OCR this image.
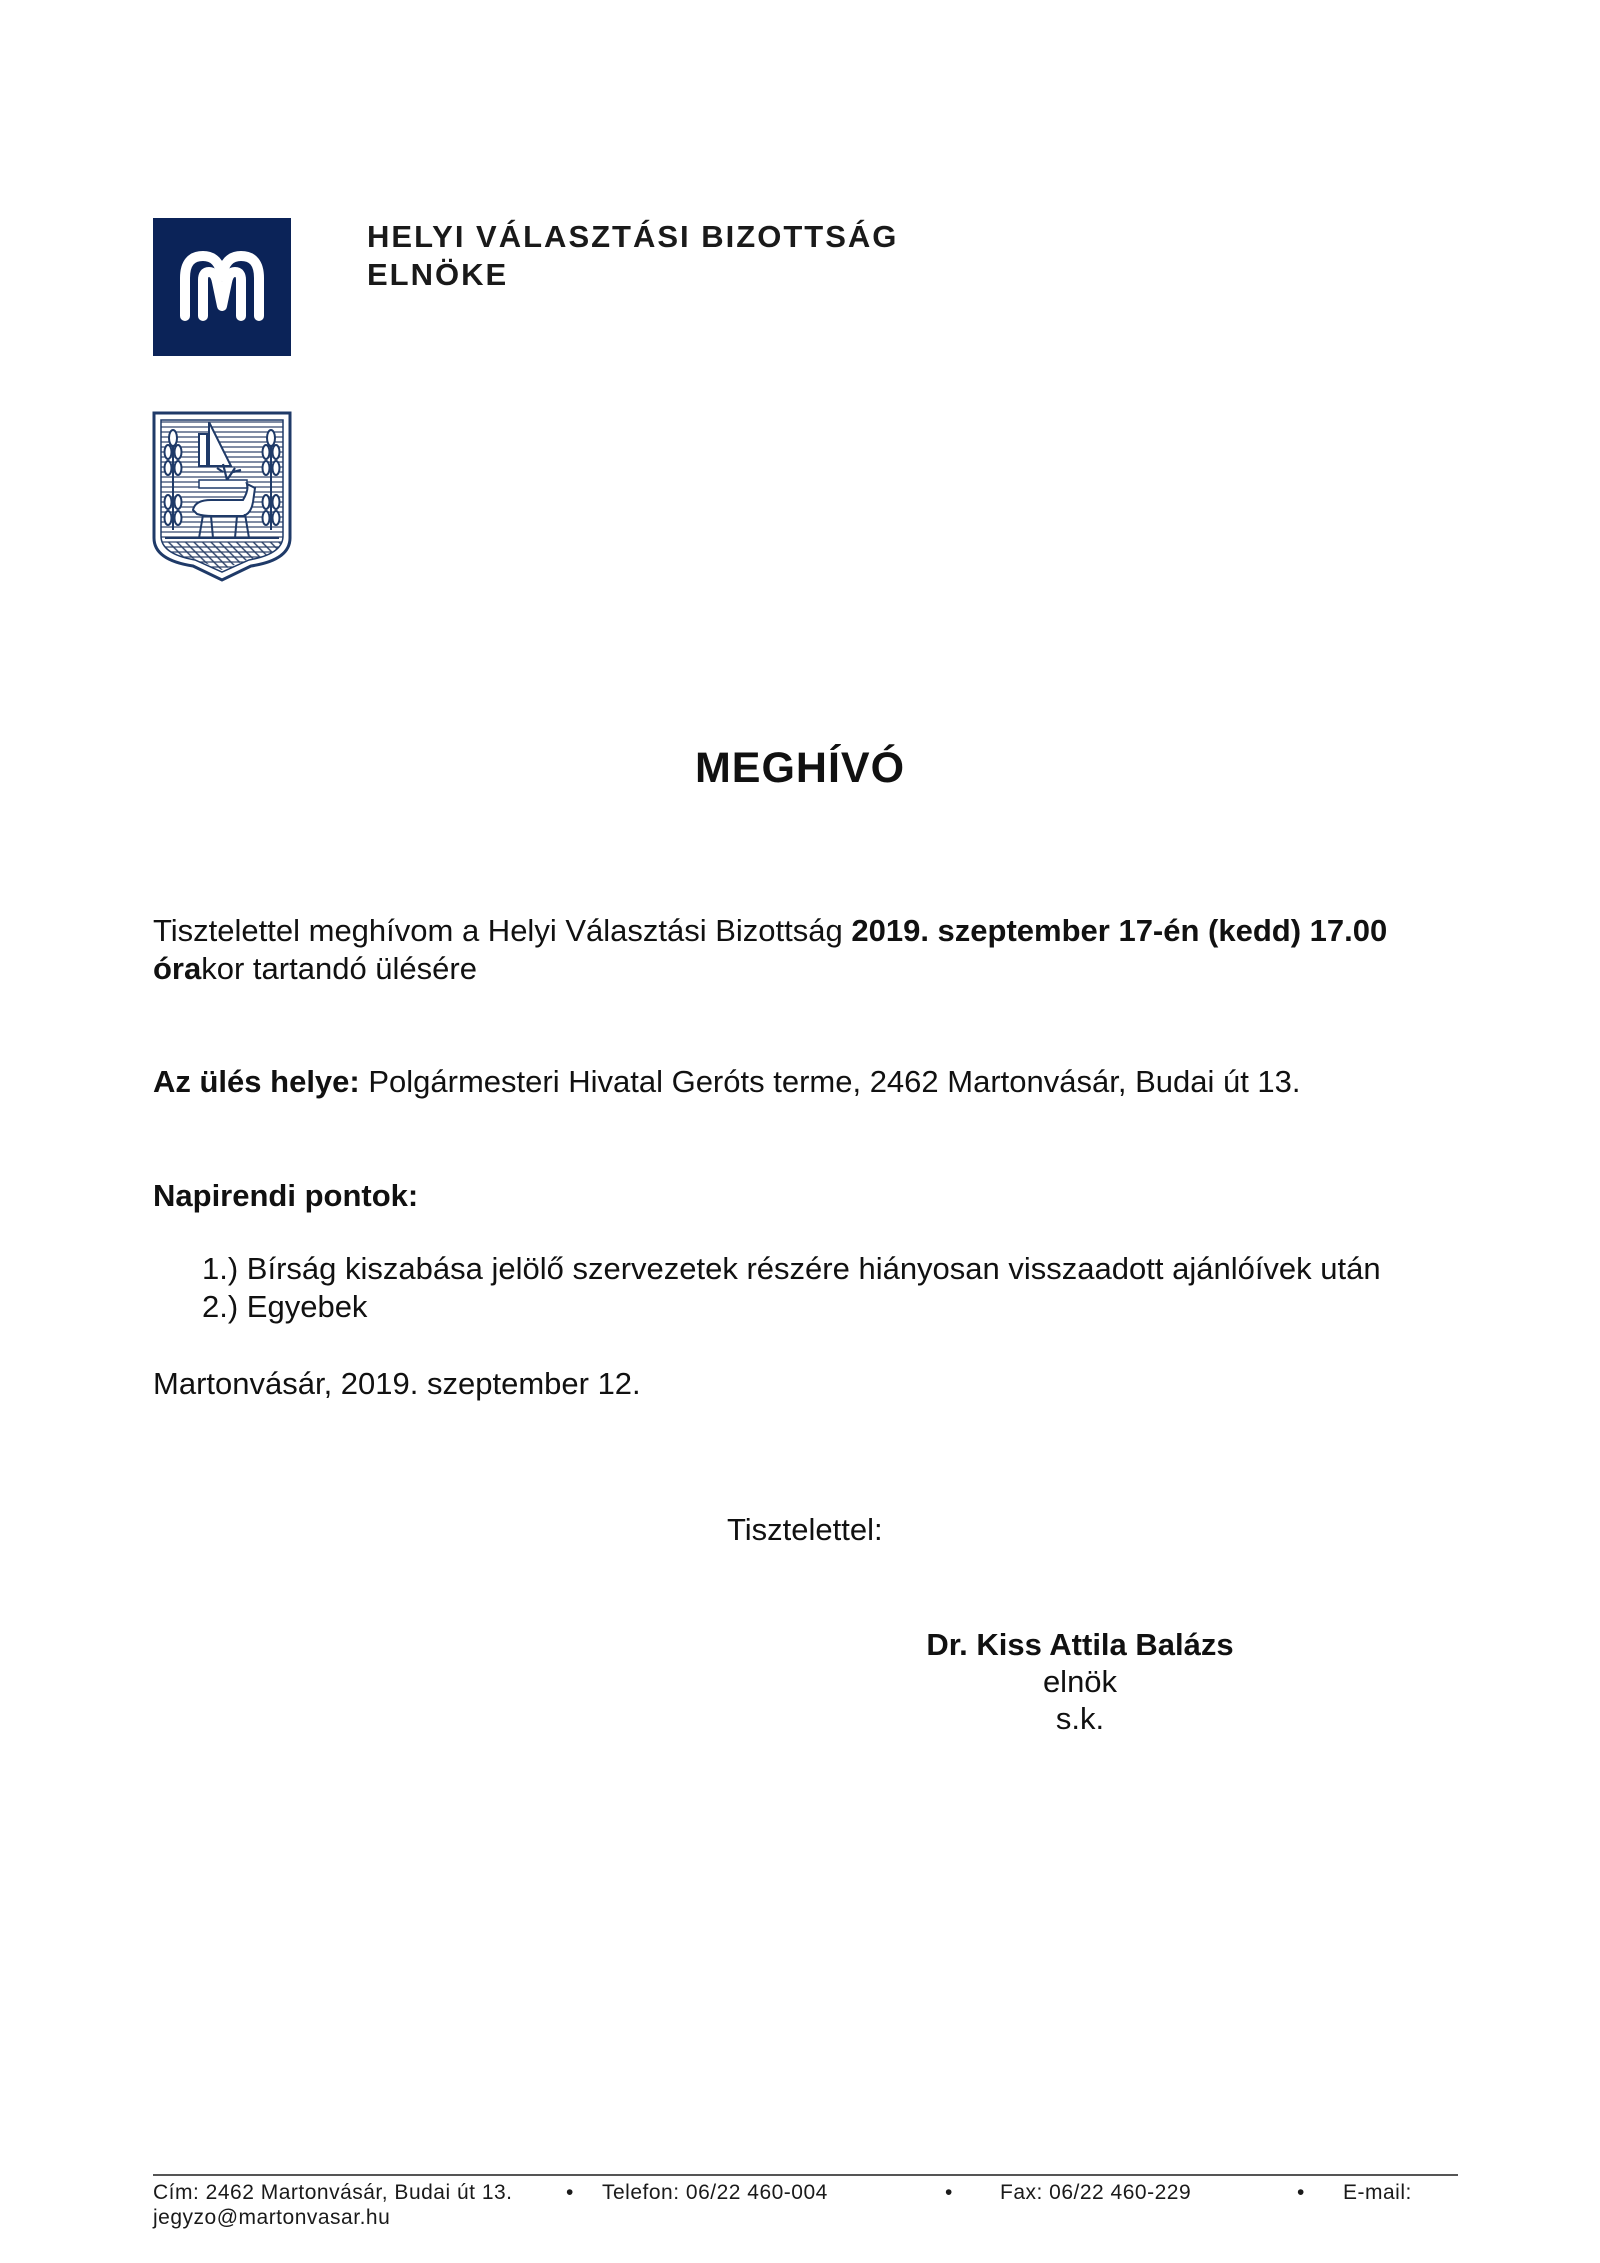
HELYI VÁLASZTÁSI BIZOTTSÁG
ELNÖKE
MEGHÍVÓ
Tisztelettel meghívom a Helyi Választási Bizottság 2019. szeptember 17-én (kedd) 17.00 órakor tartandó ülésére
Az ülés helye: Polgármesteri Hivatal Geróts terme, 2462 Martonvásár, Budai út 13.
Napirendi pontok:
1.) Bírság kiszabása jelölő szervezetek részére hiányosan visszaadott ajánlóívek után
2.) Egyebek
Martonvásár, 2019. szeptember 12.
Tisztelettel:
Dr. Kiss Attila Balázs
elnök
s.k.
Cím: 2462 Martonvásár, Budai út 13.	•	Telefon: 06/22 460-004	•	Fax: 06/22 460-229	•	E-mail:
jegyzo@martonvasar.hu
